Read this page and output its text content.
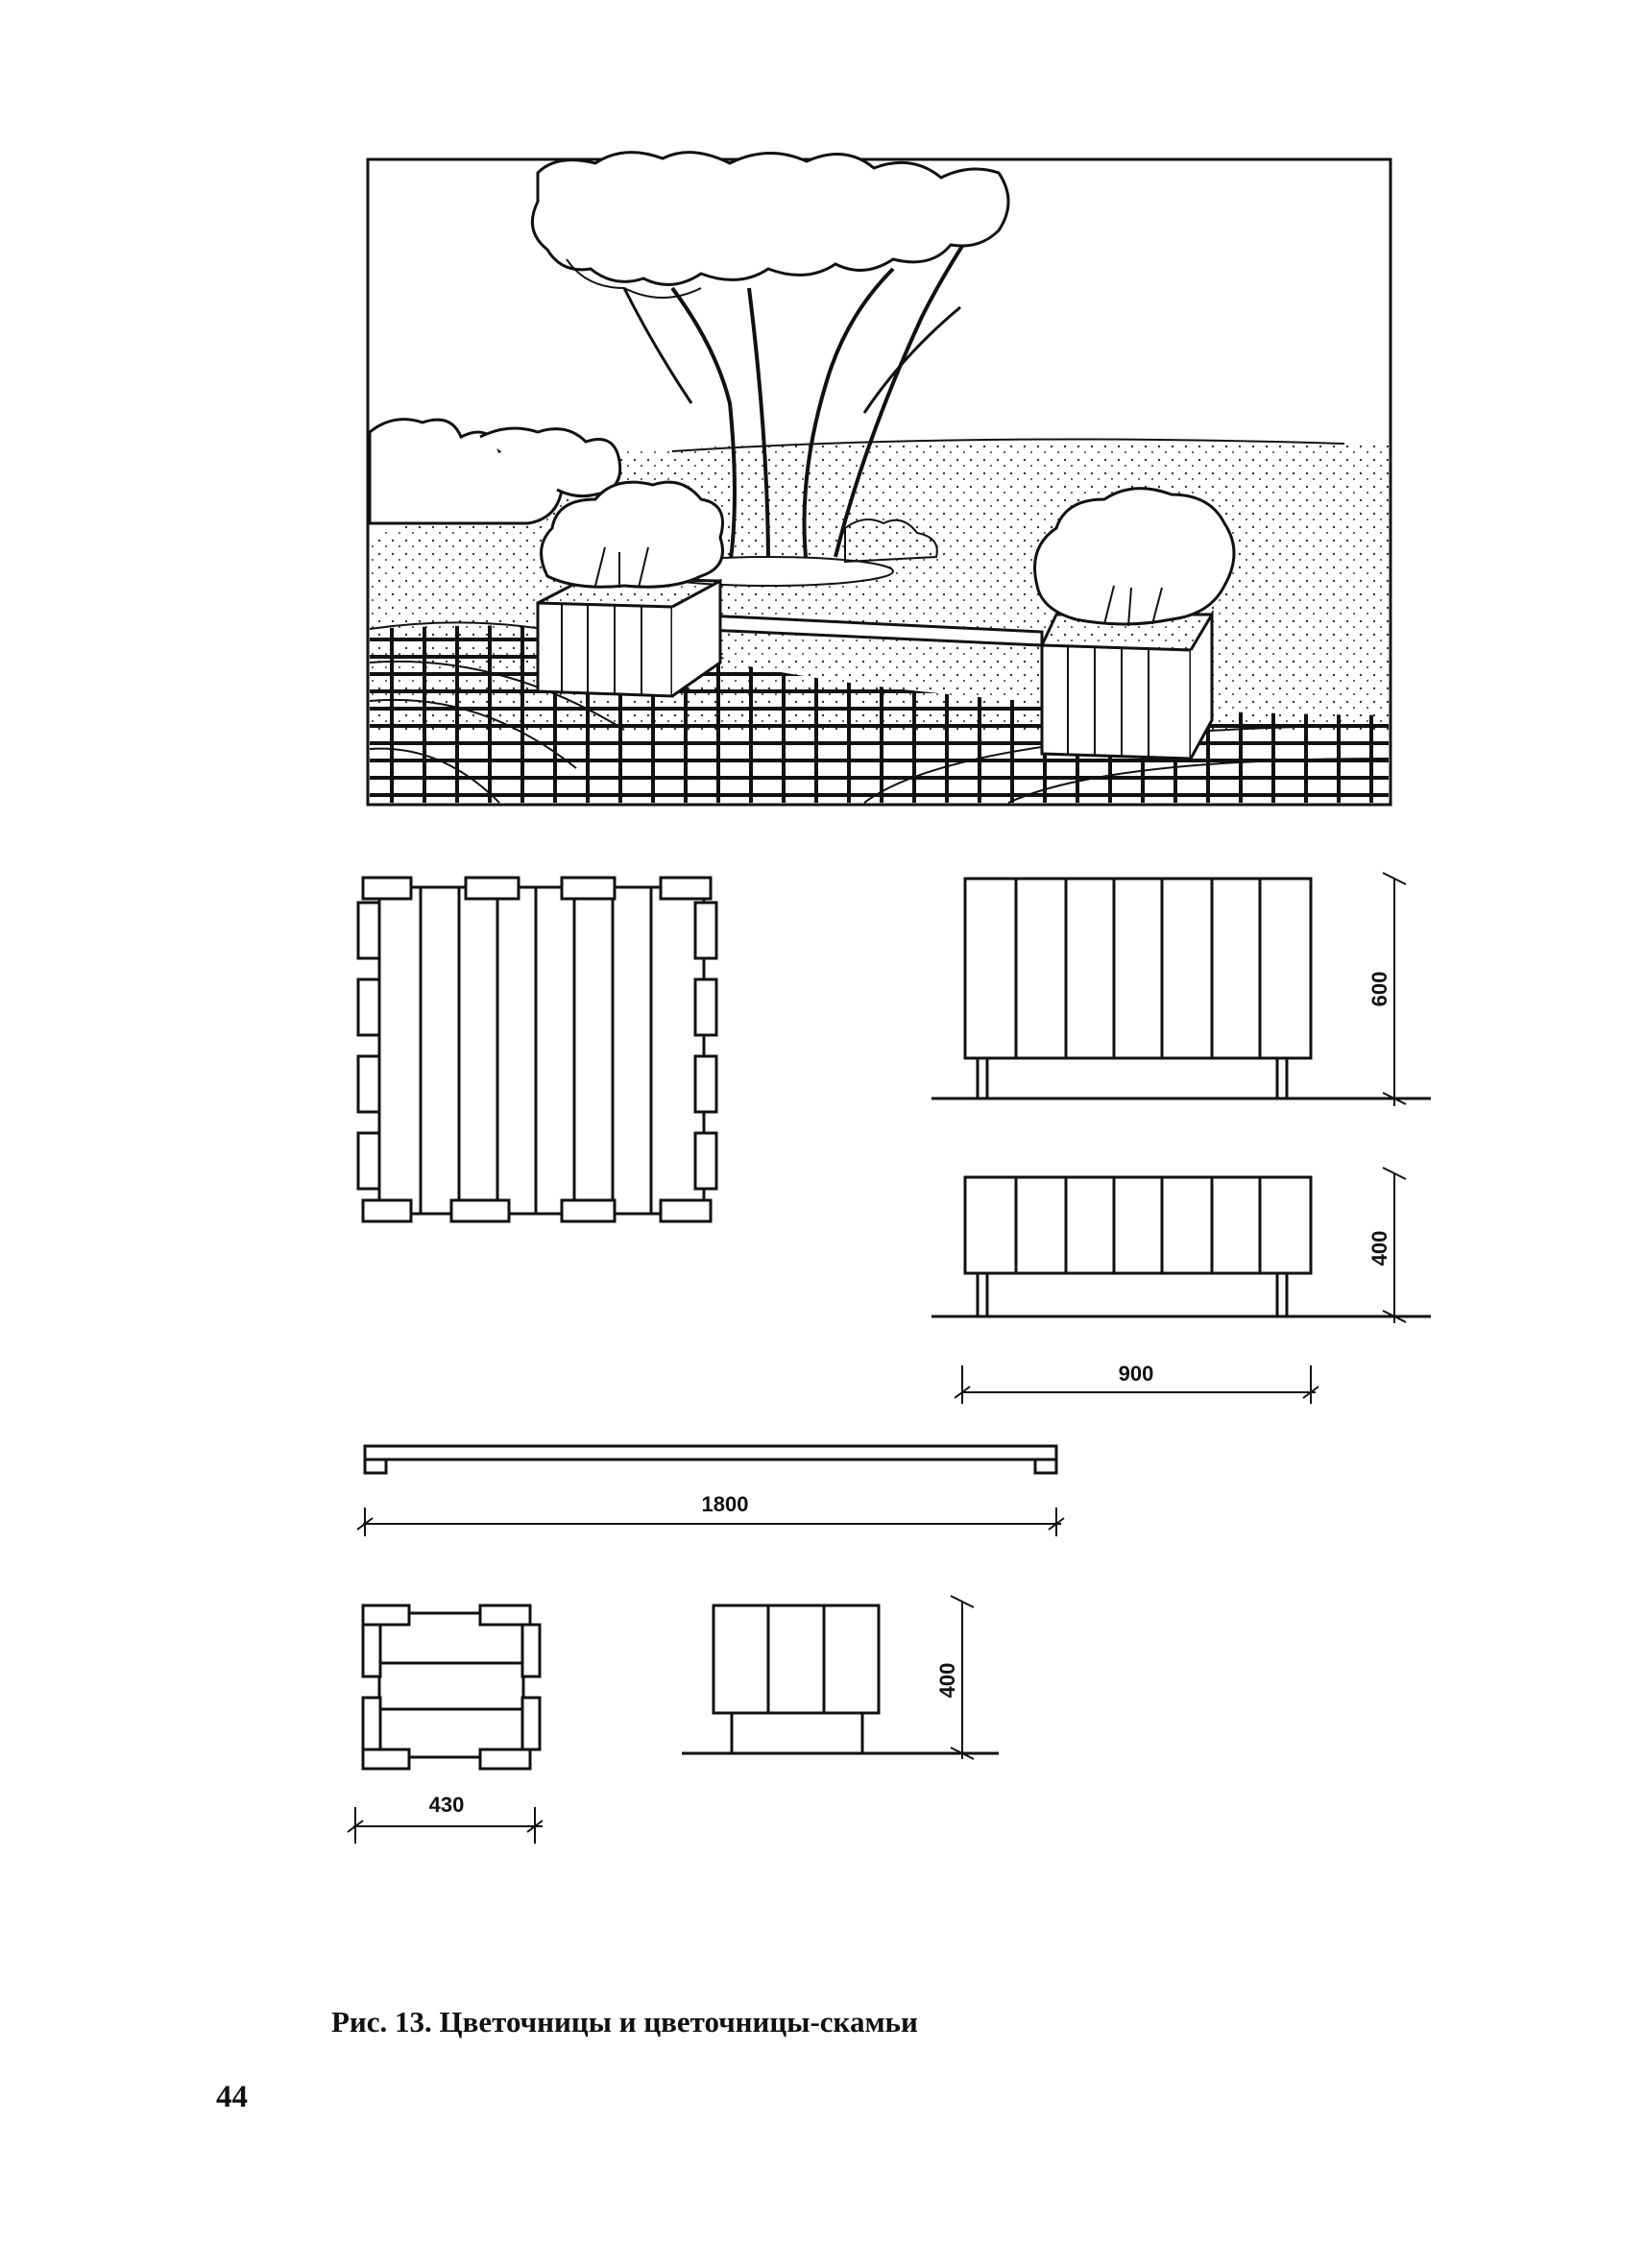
600
400
900
1800
430
400
Рис. 13. Цветочницы и цветочницы-скамьи
44
